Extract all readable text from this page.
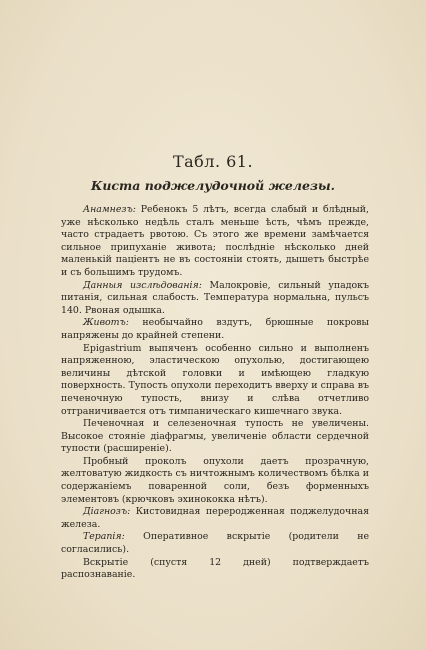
Табл. 61.
Киста поджелудочной железы.

Анамнезъ: Ребенокъ 5 лѣтъ, всегда слабый и блѣдный, уже нѣсколько недѣль сталъ меньше ѣсть, чѣмъ прежде, часто страдаетъ рвотою. Съ этого же времени замѣчается сильное припуханіе живота; послѣдніе нѣсколько дней маленькій паціентъ не въ состояніи стоять, дышетъ быстрѣе и съ большимъ трудомъ.

Данныя изслѣдованія: Малокровіе, сильный упадокъ питанія, сильная слабость. Температура нормальна, пульсъ 140. Рвоная одышка.

Животъ: необычайно вздутъ, брюшные покровы напряжены до крайней степени.

Epigastrium выпяченъ особенно сильно и выполненъ напряженною, эластическою опухолью, достигающею величины дѣтской головки и имѣющею гладкую поверхность. Тупость опухоли переходитъ вверху и справа въ печеночную тупость, внизу и слѣва отчетливо отграничивается отъ тимпаническаго кишечнаго звука.

Печеночная и селезеночная тупость не увеличены. Высокое стояніе діафрагмы, увеличеніе области сердечной тупости (расширеніе).

Пробный проколъ опухоли даетъ прозрачную, желтоватую жидкость съ ничтожнымъ количествомъ бѣлка и содержаніемъ поваренной соли, безъ форменныхъ элементовъ (крючковъ эхинококка нѣтъ).

Діагнозъ: Кистовидная переродженная поджелудочная железа.

Терапія: Оперативное вскрытіе (родители не согласились).

Вскрытіе (спустя 12 дней) подтверждаетъ распознаваніе.
